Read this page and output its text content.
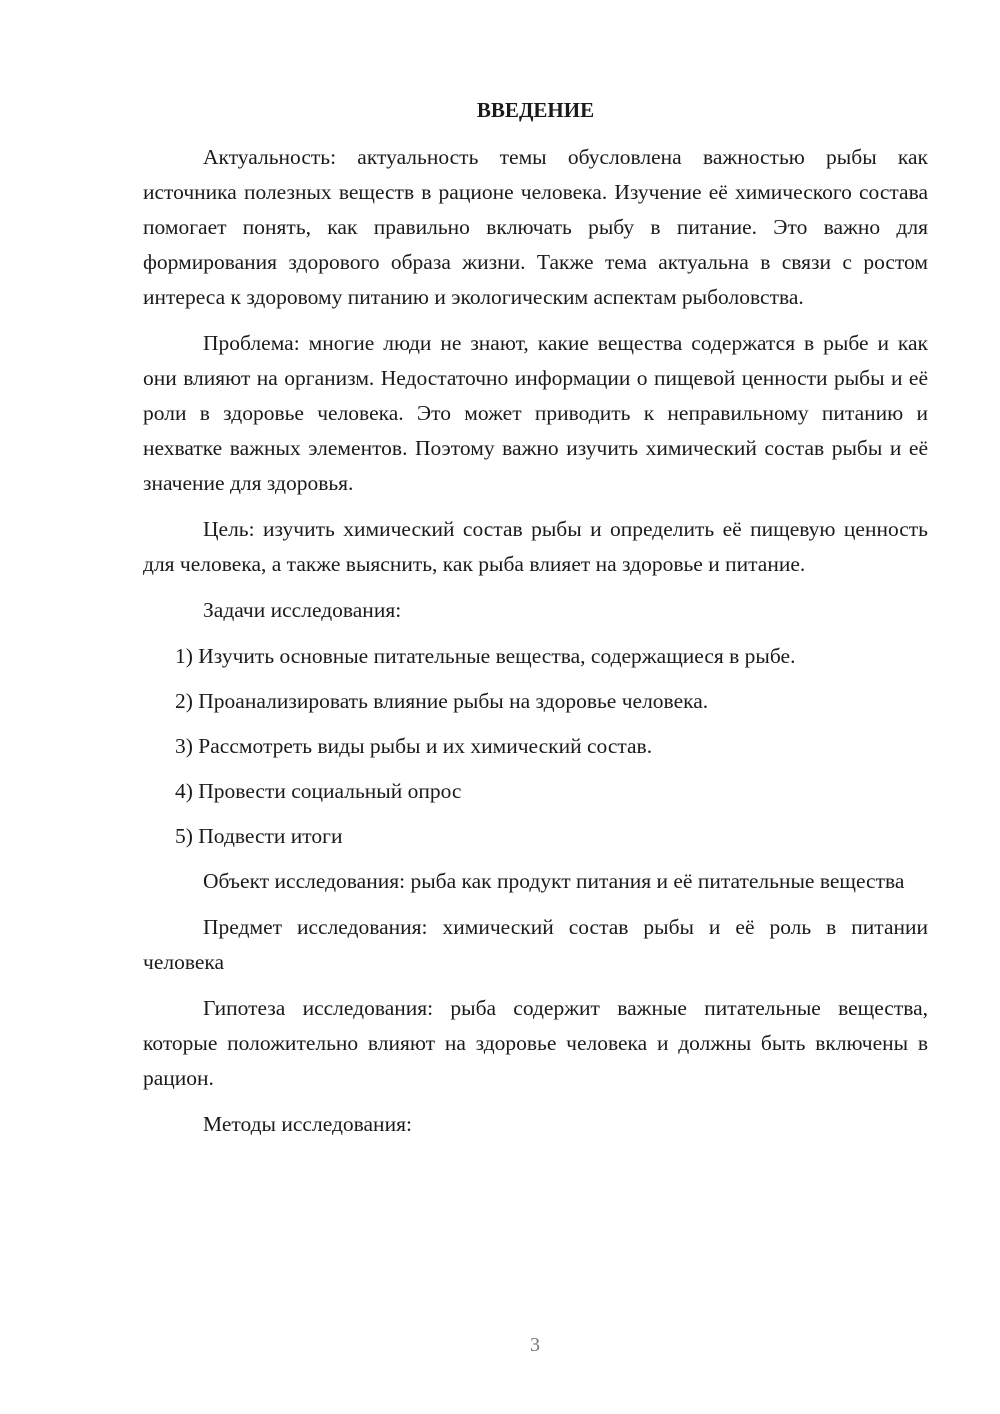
ВВЕДЕНИЕ

Актуальность: актуальность темы обусловлена важностью рыбы как источника полезных веществ в рационе человека. Изучение её химического состава помогает понять, как правильно включать рыбу в питание. Это важно для формирования здорового образа жизни. Также тема актуальна в связи с ростом интереса к здоровому питанию и экологическим аспектам рыболовства.

Проблема: многие люди не знают, какие вещества содержатся в рыбе и как они влияют на организм. Недостаточно информации о пищевой ценности рыбы и её роли в здоровье человека. Это может приводить к неправильному питанию и нехватке важных элементов. Поэтому важно изучить химический состав рыбы и её значение для здоровья.

Цель: изучить химический состав рыбы и определить её пищевую ценность для человека, а также выяснить, как рыба влияет на здоровье и питание.

Задачи исследования:

1) Изучить основные питательные вещества, содержащиеся в рыбе.

2) Проанализировать влияние рыбы на здоровье человека.

3) Рассмотреть виды рыбы и их химический состав.

4) Провести социальный опрос

5) Подвести итоги

Объект исследования: рыба как продукт питания и её питательные вещества

Предмет исследования: химический состав рыбы и её роль в питании человека

Гипотеза исследования: рыба содержит важные питательные вещества, которые положительно влияют на здоровье человека и должны быть включены в рацион.

Методы исследования:

3
